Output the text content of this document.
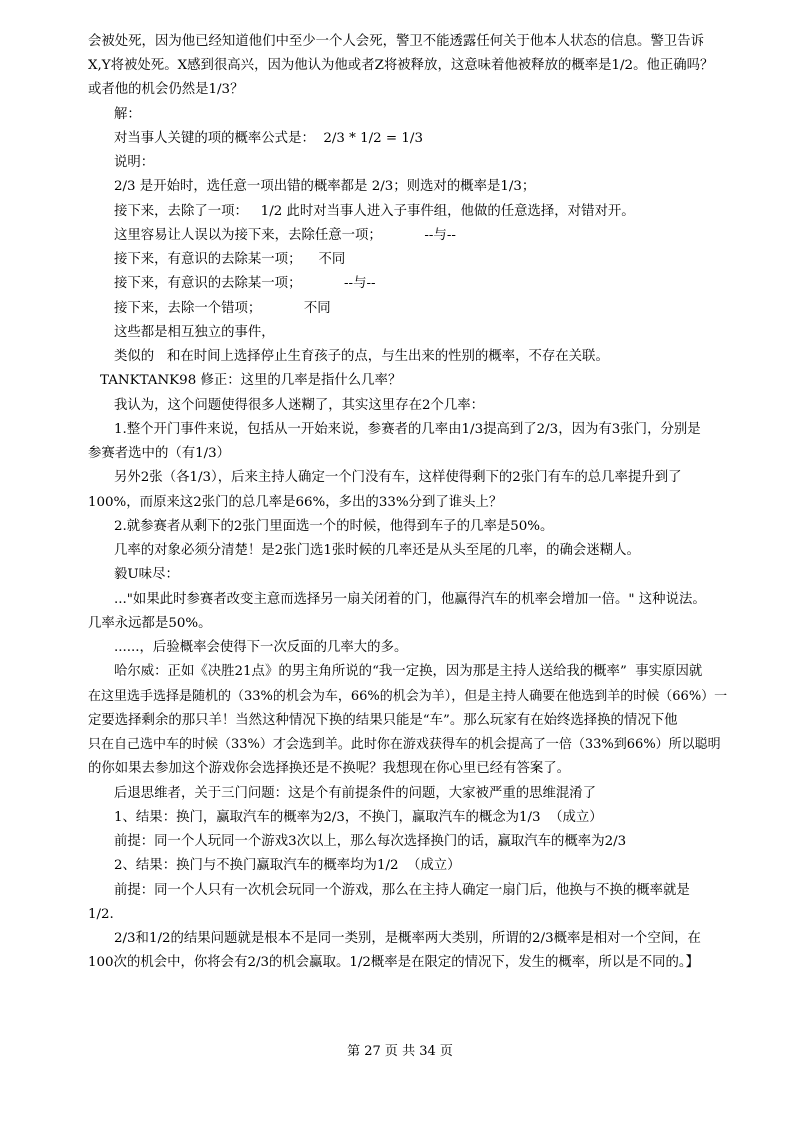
会被处死，因为他已经知道他们中至少一个人会死，警卫不能透露任何关于他本人状态的信息。警卫告诉
X,Y将被处死。X感到很高兴，因为他认为他或者Z将被释放，这意味着他被释放的概率是1/2。他正确吗？
或者他的机会仍然是1/3？
解：
对当事人关键的项的概率公式是：  2/3 * 1/2 = 1/3
说明：
2/3 是开始时，选任意一项出错的概率都是 2/3；则选对的概率是1/3；
接下来，去除了一项：   1/2 此时对当事人进入子事件组，他做的任意选择，对错对开。
这里容易让人误以为接下来，去除任意一项；          --与--
接下来，有意识的去除某一项；    不同
接下来，有意识的去除某一项；          --与--
接下来，去除一个错项；          不同
这些都是相互独立的事件，
类似的   和在时间上选择停止生育孩子的点，与生出来的性别的概率，不存在关联。
TANKTANK98 修正：这里的几率是指什么几率？
我认为，这个问题使得很多人迷糊了，其实这里存在2个几率：
1.整个开门事件来说，包括从一开始来说，参赛者的几率由1/3提高到了2/3，因为有3张门，分别是
参赛者选中的（有1/3）
另外2张（各1/3），后来主持人确定一个门没有车，这样使得剩下的2张门有车的总几率提升到了
100%，而原来这2张门的总几率是66%，多出的33%分到了谁头上？
2.就参赛者从剩下的2张门里面选一个的时候，他得到车子的几率是50%。
几率的对象必须分清楚！是2张门选1张时候的几率还是从头至尾的几率，的确会迷糊人。
毅U味尽：
..."如果此时参赛者改变主意而选择另一扇关闭着的门，他赢得汽车的机率会增加一倍。" 这种说法。
几率永远都是50%。
......，后验概率会使得下一次反面的几率大的多。
哈尔威：正如《决胜21点》的男主角所说的“我一定换，因为那是主持人送给我的概率”  事实原因就
在这里选手选择是随机的（33%的机会为车，66%的机会为羊），但是主持人确要在他选到羊的时候（66%）一
定要选择剩余的那只羊！当然这种情况下换的结果只能是“车”。那么玩家有在始终选择换的情况下他
只在自己选中车的时候（33%）才会选到羊。此时你在游戏获得车的机会提高了一倍（33%到66%）所以聪明
的你如果去参加这个游戏你会选择换还是不换呢？我想现在你心里已经有答案了。
后退思维者，关于三门问题：这是个有前提条件的问题，大家被严重的思维混淆了
1、结果：换门，赢取汽车的概率为2/3，不换门，赢取汽车的概念为1/3  （成立）
前提：同一个人玩同一个游戏3次以上，那么每次选择换门的话，赢取汽车的概率为2/3
2、结果：换门与不换门赢取汽车的概率均为1/2  （成立）
前提：同一个人只有一次机会玩同一个游戏，那么在主持人确定一扇门后，他换与不换的概率就是
1/2.
2/3和1/2的结果问题就是根本不是同一类别，是概率两大类别，所谓的2/3概率是相对一个空间，在
100次的机会中，你将会有2/3的机会赢取。1/2概率是在限定的情况下，发生的概率，所以是不同的。】
第 27 页 共 34 页
